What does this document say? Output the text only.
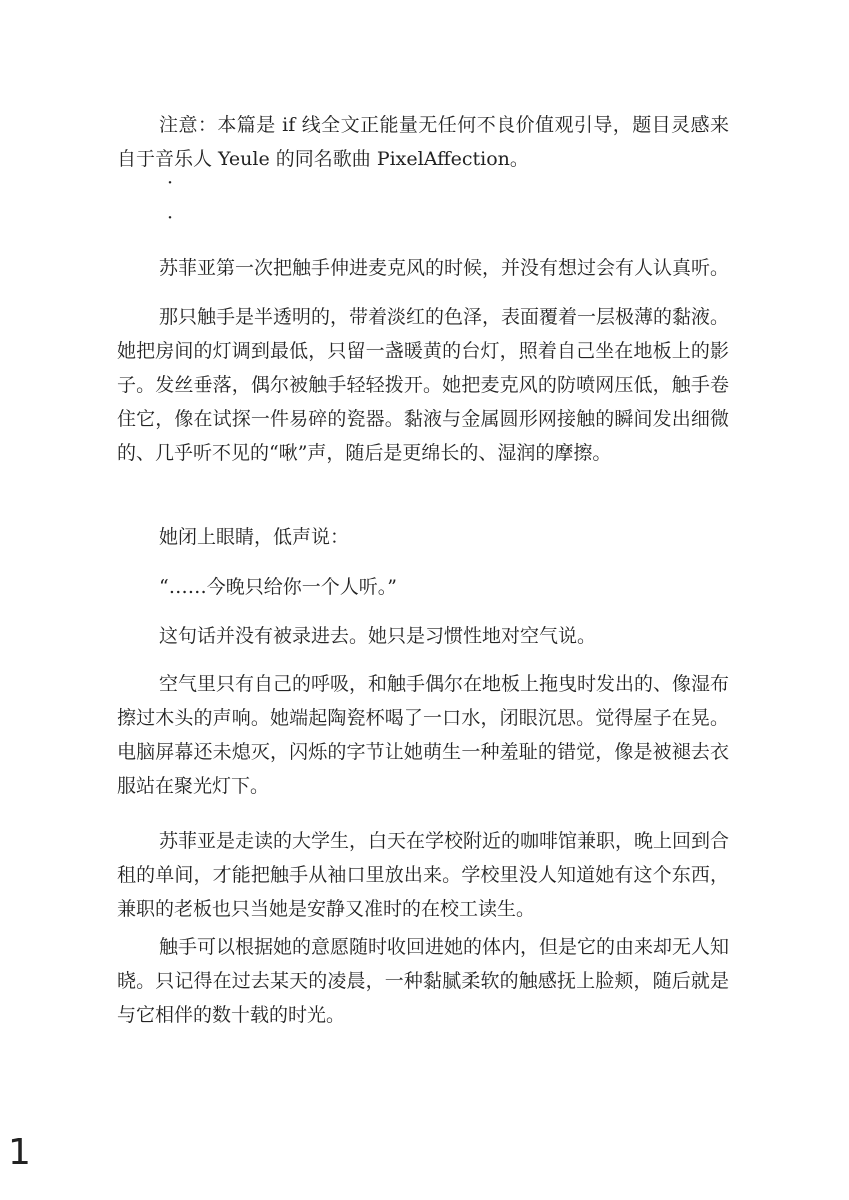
注意：本篇是 if 线全文正能量无任何不良价值观引导，题目灵感来自于音乐人 Yeule 的同名歌曲 PixelAffection。

·

·

苏菲亚第一次把触手伸进麦克风的时候，并没有想过会有人认真听。

那只触手是半透明的，带着淡红的色泽，表面覆着一层极薄的黏液。她把房间的灯调到最低，只留一盏暖黄的台灯，照着自己坐在地板上的影子。发丝垂落，偶尔被触手轻轻拨开。她把麦克风的防喷网压低，触手卷住它，像在试探一件易碎的瓷器。黏液与金属圆形网接触的瞬间发出细微的、几乎听不见的“啾”声，随后是更绵长的、湿润的摩擦。

她闭上眼睛，低声说：

“……今晚只给你一个人听。”

这句话并没有被录进去。她只是习惯性地对空气说。

空气里只有自己的呼吸，和触手偶尔在地板上拖曳时发出的、像湿布擦过木头的声响。她端起陶瓷杯喝了一口水，闭眼沉思。觉得屋子在晃。电脑屏幕还未熄灭，闪烁的字节让她萌生一种羞耻的错觉，像是被褪去衣服站在聚光灯下。

苏菲亚是走读的大学生，白天在学校附近的咖啡馆兼职，晚上回到合租的单间，才能把触手从袖口里放出来。学校里没人知道她有这个东西，兼职的老板也只当她是安静又准时的在校工读生。

触手可以根据她的意愿随时收回进她的体内，但是它的由来却无人知晓。只记得在过去某天的凌晨，一种黏腻柔软的触感抚上脸颊，随后就是与它相伴的数十载的时光。

1
